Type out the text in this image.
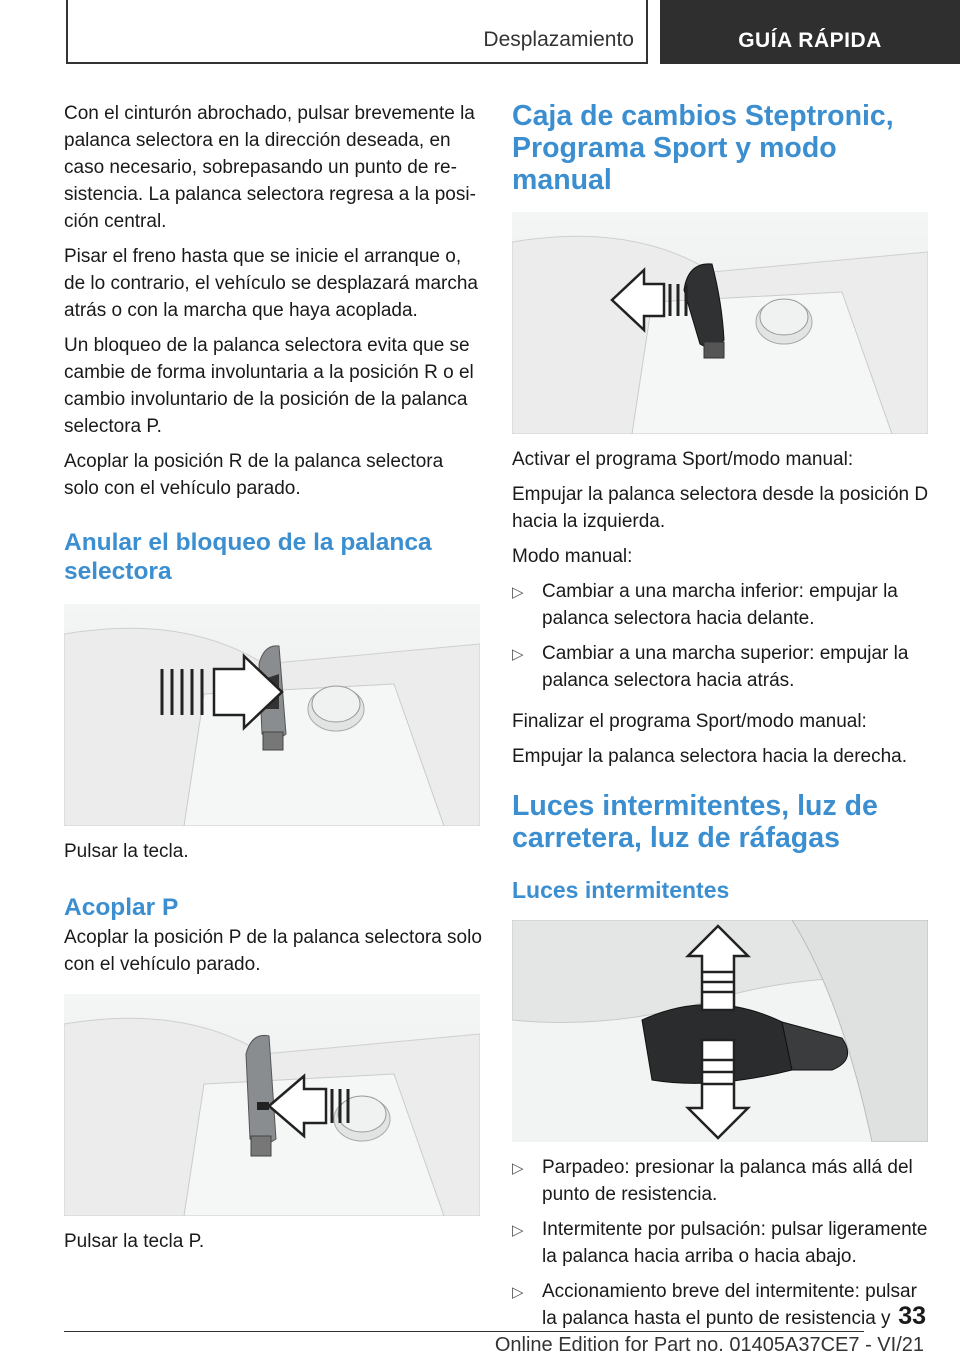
Desplazamiento	GUÍA RÁPIDA

Con el cinturón abrochado, pulsar brevemente la palanca selectora en la dirección deseada, en caso necesario, sobrepasando un punto de resistencia. La palanca selectora regresa a la posición central.

Pisar el freno hasta que se inicie el arranque o, de lo contrario, el vehículo se desplazará marcha atrás o con la marcha que haya acoplada.

Un bloqueo de la palanca selectora evita que se cambie de forma involuntaria a la posición R o el cambio involuntario de la posición de la palanca selectora P.

Acoplar la posición R de la palanca selectora solo con el vehículo parado.

Anular el bloqueo de la palanca selectora

Pulsar la tecla.

Acoplar P

Acoplar la posición P de la palanca selectora solo con el vehículo parado.

Pulsar la tecla P.

Caja de cambios Steptronic, Programa Sport y modo manual

Activar el programa Sport/modo manual:

Empujar la palanca selectora desde la posición D hacia la izquierda.

Modo manual:

▷ Cambiar a una marcha inferior: empujar la palanca selectora hacia delante.
▷ Cambiar a una marcha superior: empujar la palanca selectora hacia atrás.

Finalizar el programa Sport/modo manual:

Empujar la palanca selectora hacia la derecha.

Luces intermitentes, luz de carretera, luz de ráfagas
Luces intermitentes
▷ Parpadeo: presionar la palanca más allá del punto de resistencia.
▷ Intermitente por pulsación: pulsar ligeramente la palanca hacia arriba o hacia abajo.
▷ Accionamiento breve del intermitente: pulsar la palanca hasta el punto de resistencia y 33
Online Edition for Part no. 01405A37CE7 - VI/21
